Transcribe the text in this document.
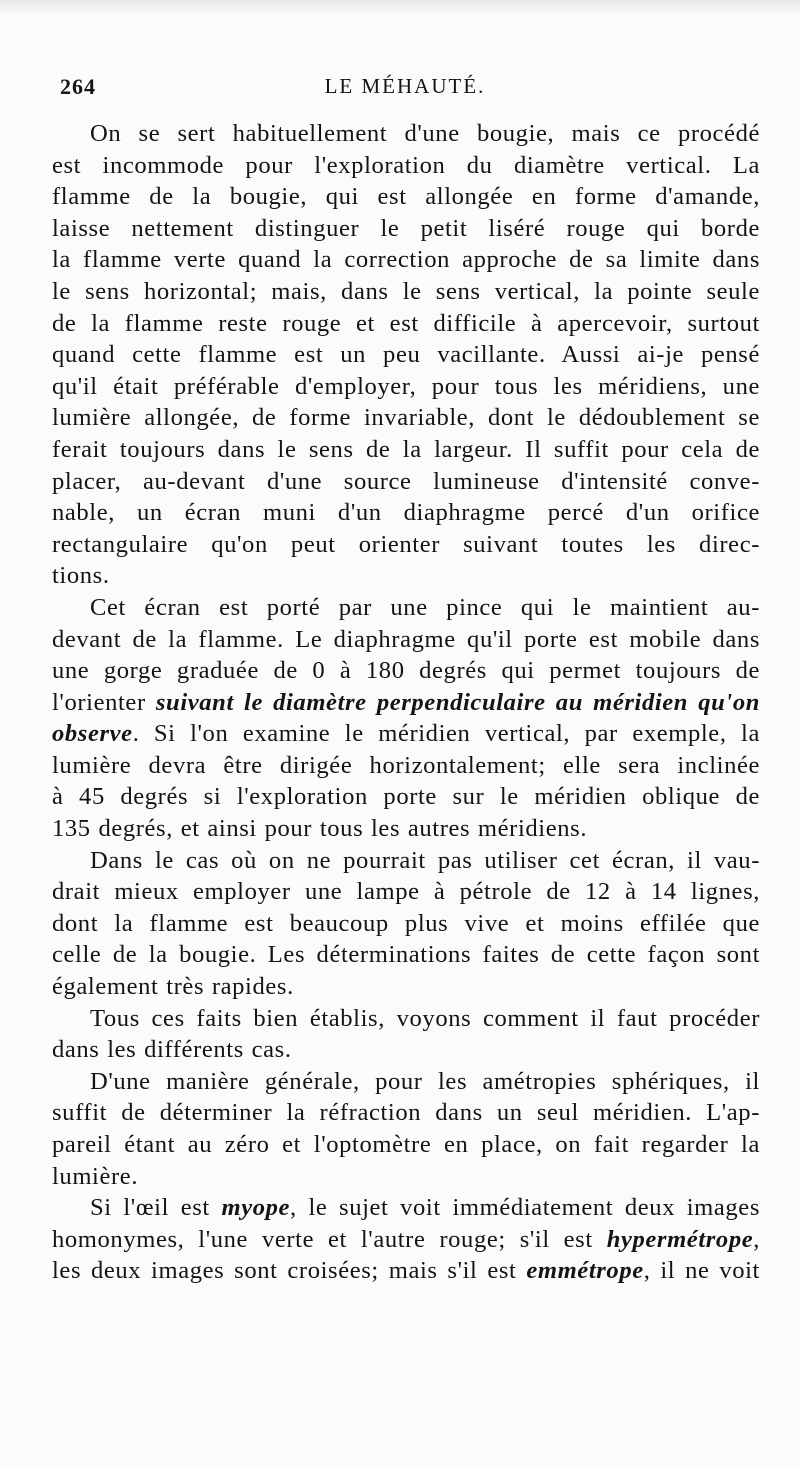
264	LE MÉHAUTÉ.

On se sert habituellement d'une bougie, mais ce procédé
est incommode pour l'exploration du diamètre vertical. La
flamme de la bougie, qui est allongée en forme d'amande,
laisse nettement distinguer le petit liséré rouge qui borde
la flamme verte quand la correction approche de sa limite dans
le sens horizontal; mais, dans le sens vertical, la pointe seule
de la flamme reste rouge et est difficile à apercevoir, surtout
quand cette flamme est un peu vacillante. Aussi ai-je pensé
qu'il était préférable d'employer, pour tous les méridiens, une
lumière allongée, de forme invariable, dont le dédoublement se
ferait toujours dans le sens de la largeur. Il suffit pour cela de
placer, au-devant d'une source lumineuse d'intensité conve-
nable, un écran muni d'un diaphragme percé d'un orifice
rectangulaire qu'on peut orienter suivant toutes les direc-
tions.

Cet écran est porté par une pince qui le maintient au-
devant de la flamme. Le diaphragme qu'il porte est mobile dans
une gorge graduée de 0 à 180 degrés qui permet toujours de
l'orienter suivant le diamètre perpendiculaire au méridien qu'on
observe. Si l'on examine le méridien vertical, par exemple, la
lumière devra être dirigée horizontalement; elle sera inclinée
à 45 degrés si l'exploration porte sur le méridien oblique de
135 degrés, et ainsi pour tous les autres méridiens.

Dans le cas où on ne pourrait pas utiliser cet écran, il vau-
drait mieux employer une lampe à pétrole de 12 à 14 lignes,
dont la flamme est beaucoup plus vive et moins effilée que
celle de la bougie. Les déterminations faites de cette façon sont
également très rapides.

Tous ces faits bien établis, voyons comment il faut procéder
dans les différents cas.

D'une manière générale, pour les amétropies sphériques, il
suffit de déterminer la réfraction dans un seul méridien. L'ap-
pareil étant au zéro et l'optomètre en place, on fait regarder la
lumière.

Si l'œil est myope, le sujet voit immédiatement deux images
homonymes, l'une verte et l'autre rouge; s'il est hypermétrope,
les deux images sont croisées; mais s'il est emmétrope, il ne voit
